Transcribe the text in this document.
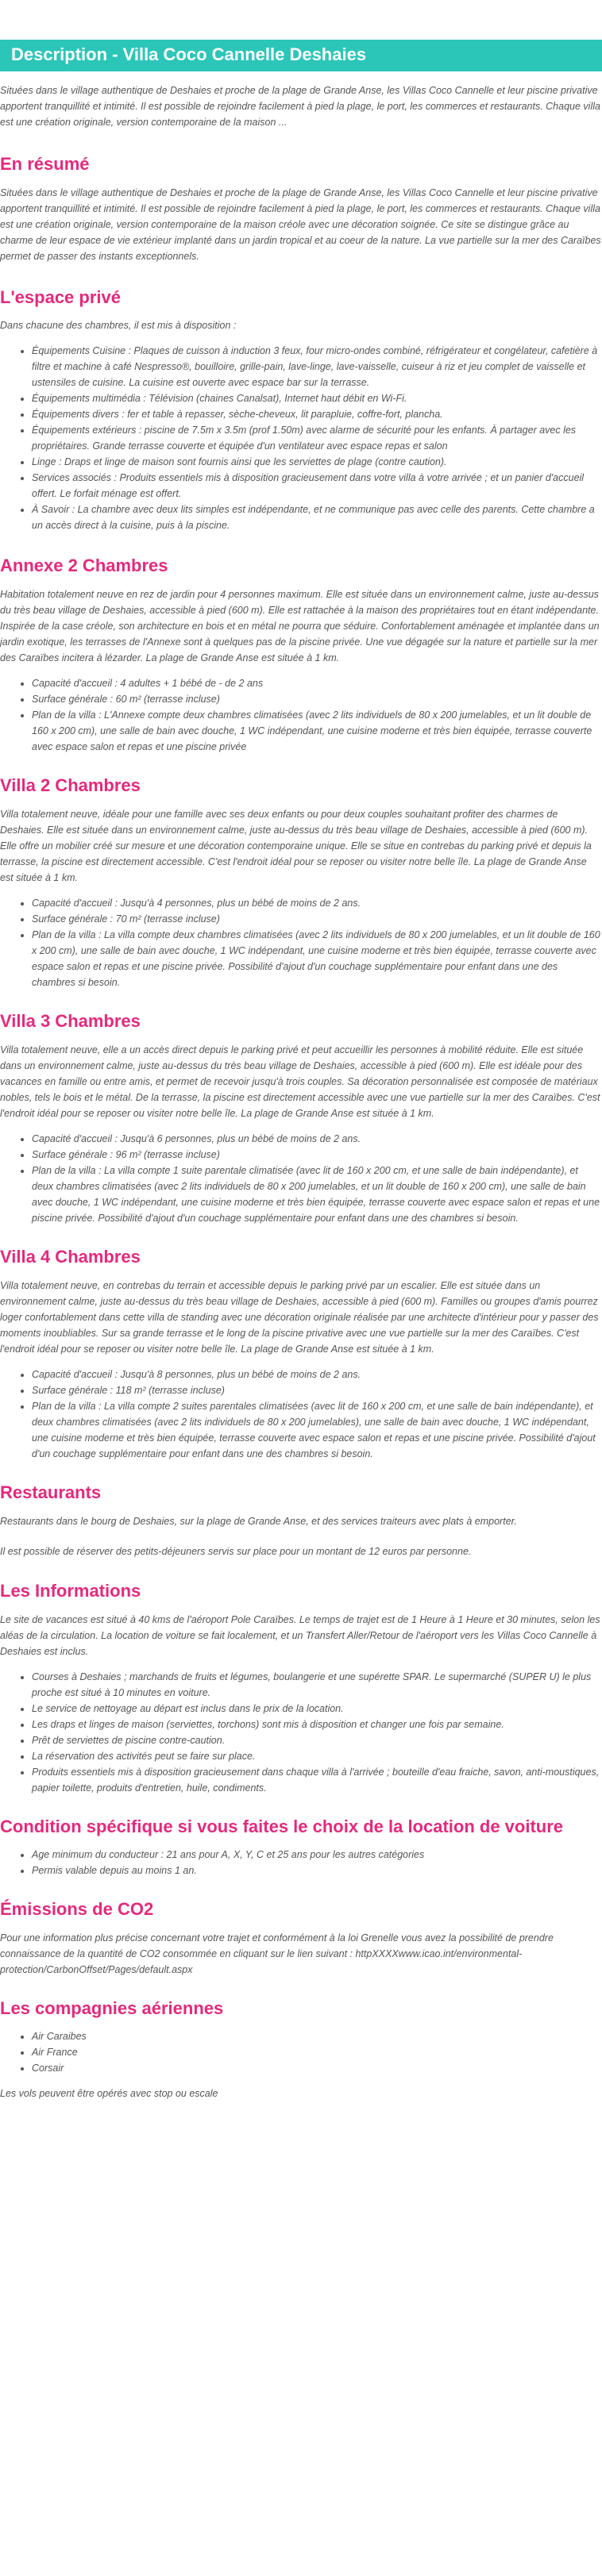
Description - Villa Coco Cannelle Deshaies

Situées dans le village authentique de Deshaies et proche de la plage de Grande Anse, les Villas Coco Cannelle et leur piscine privative apportent tranquillité et intimité. Il est possible de rejoindre facilement à pied la plage, le port, les commerces et restaurants. Chaque villa est une création originale, version contemporaine de la maison ...

En résumé

Situées dans le village authentique de Deshaies et proche de la plage de Grande Anse, les Villas Coco Cannelle et leur piscine privative apportent tranquillité et intimité. Il est possible de rejoindre facilement à pied la plage, le port, les commerces et restaurants. Chaque villa est une création originale, version contemporaine de la maison créole avec une décoration soignée. Ce site se distingue grâce au charme de leur espace de vie extérieur implanté dans un jardin tropical et au coeur de la nature. La vue partielle sur la mer des Caraïbes permet de passer des instants exceptionnels.

L'espace privé

Dans chacune des chambres, il est mis à disposition :

• Équipements Cuisine : Plaques de cuisson à induction 3 feux, four micro-ondes combiné, réfrigérateur et congélateur, cafetière à filtre et machine à café Nespresso®, bouilloire, grille-pain, lave-linge, lave-vaisselle, cuiseur à riz et jeu complet de vaisselle et ustensiles de cuisine. La cuisine est ouverte avec espace bar sur la terrasse.
• Équipements multimédia : Télévision (chaines Canalsat), Internet haut débit en Wi-Fi.
• Équipements divers : fer et table à repasser, sèche-cheveux, lit parapluie, coffre-fort, plancha.
• Équipements extérieurs : piscine de 7.5m x 3.5m (prof 1.50m) avec alarme de sécurité pour les enfants. À partager avec les propriétaires. Grande terrasse couverte et équipée d'un ventilateur avec espace repas et salon
• Linge : Draps et linge de maison sont fournis ainsi que les serviettes de plage (contre caution).
• Services associés : Produits essentiels mis à disposition gracieusement dans votre villa à votre arrivée ; et un panier d'accueil offert. Le forfait ménage est offert.
• À Savoir : La chambre avec deux lits simples est indépendante, et ne communique pas avec celle des parents. Cette chambre a un accès direct à la cuisine, puis à la piscine.
Annexe 2 Chambres

Habitation totalement neuve en rez de jardin pour 4 personnes maximum. Elle est située dans un environnement calme, juste au-dessus du très beau village de Deshaies, accessible à pied (600 m). Elle est rattachée à la maison des propriétaires tout en étant indépendante. Inspirée de la case créole, son architecture en bois et en métal ne pourra que séduire. Confortablement aménagée et implantée dans un jardin exotique, les terrasses de l'Annexe sont à quelques pas de la piscine privée. Une vue dégagée sur la nature et partielle sur la mer des Caraïbes incitera à lézarder. La plage de Grande Anse est située à 1 km.

• Capacité d'accueil : 4 adultes + 1 bébé de - de 2 ans
• Surface générale : 60 m² (terrasse incluse)
• Plan de la villa : L'Annexe compte deux chambres climatisées (avec 2 lits individuels de 80 x 200 jumelables, et un lit double de 160 x 200 cm), une salle de bain avec douche, 1 WC indépendant, une cuisine moderne et très bien équipée, terrasse couverte avec espace salon et repas et une piscine privée
Villa 2 Chambres

Villa totalement neuve, idéale pour une famille avec ses deux enfants ou pour deux couples souhaitant profiter des charmes de Deshaies. Elle est située dans un environnement calme, juste au-dessus du très beau village de Deshaies, accessible à pied (600 m). Elle offre un mobilier créé sur mesure et une décoration contemporaine unique. Elle se situe en contrebas du parking privé et depuis la terrasse, la piscine est directement accessible. C'est l'endroit idéal pour se reposer ou visiter notre belle île. La plage de Grande Anse est située à 1 km.

• Capacité d'accueil : Jusqu'à 4 personnes, plus un bébé de moins de 2 ans.
• Surface générale : 70 m² (terrasse incluse)
• Plan de la villa : La villa compte deux chambres climatisées (avec 2 lits individuels de 80 x 200 jumelables, et un lit double de 160 x 200 cm), une salle de bain avec douche, 1 WC indépendant, une cuisine moderne et très bien équipée, terrasse couverte avec espace salon et repas et une piscine privée. Possibilité d'ajout d'un couchage supplémentaire pour enfant dans une des chambres si besoin.
Villa 3 Chambres

Villa totalement neuve, elle a un accès direct depuis le parking privé et peut accueillir les personnes à mobilité réduite. Elle est située dans un environnement calme, juste au-dessus du très beau village de Deshaies, accessible à pied (600 m). Elle est idéale pour des vacances en famille ou entre amis, et permet de recevoir jusqu'à trois couples. Sa décoration personnalisée est composée de matériaux nobles, tels le bois et le métal. De la terrasse, la piscine est directement accessible avec une vue partielle sur la mer des Caraïbes. C'est l'endroit idéal pour se reposer ou visiter notre belle île. La plage de Grande Anse est située à 1 km.

• Capacité d'accueil : Jusqu'à 6 personnes, plus un bébé de moins de 2 ans.
• Surface générale : 96 m² (terrasse incluse)
• Plan de la villa : La villa compte 1 suite parentale climatisée (avec lit de 160 x 200 cm, et une salle de bain indépendante), et deux chambres climatisées (avec 2 lits individuels de 80 x 200 jumelables, et un lit double de 160 x 200 cm), une salle de bain avec douche, 1 WC indépendant, une cuisine moderne et très bien équipée, terrasse couverte avec espace salon et repas et une piscine privée. Possibilité d'ajout d'un couchage supplémentaire pour enfant dans une des chambres si besoin.
Villa 4 Chambres

Villa totalement neuve, en contrebas du terrain et accessible depuis le parking privé par un escalier. Elle est située dans un environnement calme, juste au-dessus du très beau village de Deshaies, accessible à pied (600 m). Familles ou groupes d'amis pourrez loger confortablement dans cette villa de standing avec une décoration originale réalisée par une architecte d'intérieur pour y passer des moments inoubliables. Sur sa grande terrasse et le long de la piscine privative avec une vue partielle sur la mer des Caraïbes. C'est l'endroit idéal pour se reposer ou visiter notre belle île. La plage de Grande Anse est située à 1 km.

• Capacité d'accueil : Jusqu'à 8 personnes, plus un bébé de moins de 2 ans.
• Surface générale : 118 m² (terrasse incluse)
• Plan de la villa : La villa compte 2 suites parentales climatisées (avec lit de 160 x 200 cm, et une salle de bain indépendante), et deux chambres climatisées (avec 2 lits individuels de 80 x 200 jumelables), une salle de bain avec douche, 1 WC indépendant, une cuisine moderne et très bien équipée, terrasse couverte avec espace salon et repas et une piscine privée. Possibilité d'ajout d'un couchage supplémentaire pour enfant dans une des chambres si besoin.
Restaurants

Restaurants dans le bourg de Deshaies, sur la plage de Grande Anse, et des services traiteurs avec plats à emporter.

Il est possible de réserver des petits-déjeuners servis sur place pour un montant de 12 euros par personne.

Les Informations

Le site de vacances est situé à 40 kms de l'aéroport Pole Caraïbes. Le temps de trajet est de 1 Heure à 1 Heure et 30 minutes, selon les aléas de la circulation. La location de voiture se fait localement, et un Transfert Aller/Retour de l'aéroport vers les Villas Coco Cannelle à Deshaies est inclus.

• Courses à Deshaies ; marchands de fruits et légumes, boulangerie et une supérette SPAR. Le supermarché (SUPER U) le plus proche est situé à 10 minutes en voiture.
• Le service de nettoyage au départ est inclus dans le prix de la location.
• Les draps et linges de maison (serviettes, torchons) sont mis à disposition et changer une fois par semaine.
• Prêt de serviettes de piscine contre-caution.
• La réservation des activités peut se faire sur place.
• Produits essentiels mis à disposition gracieusement dans chaque villa à l'arrivée ; bouteille d'eau fraiche, savon, anti-moustiques, papier toilette, produits d'entretien, huile, condiments.
Condition spécifique si vous faites le choix de la location de voiture
• Age minimum du conducteur : 21 ans pour A, X, Y, C et 25 ans pour les autres catégories
• Permis valable depuis au moins 1 an.
Émissions de CO2

Pour une information plus précise concernant votre trajet et conformément à la loi Grenelle vous avez la possibilité de prendre connaissance de la quantité de CO2 consommée en cliquant sur le lien suivant : httpXXXXwww.icao.int/environmental-protection/CarbonOffset/Pages/default.aspx

Les compagnies aériennes
• Air Caraibes
• Air France
• Corsair

Les vols peuvent être opérés avec stop ou escale
